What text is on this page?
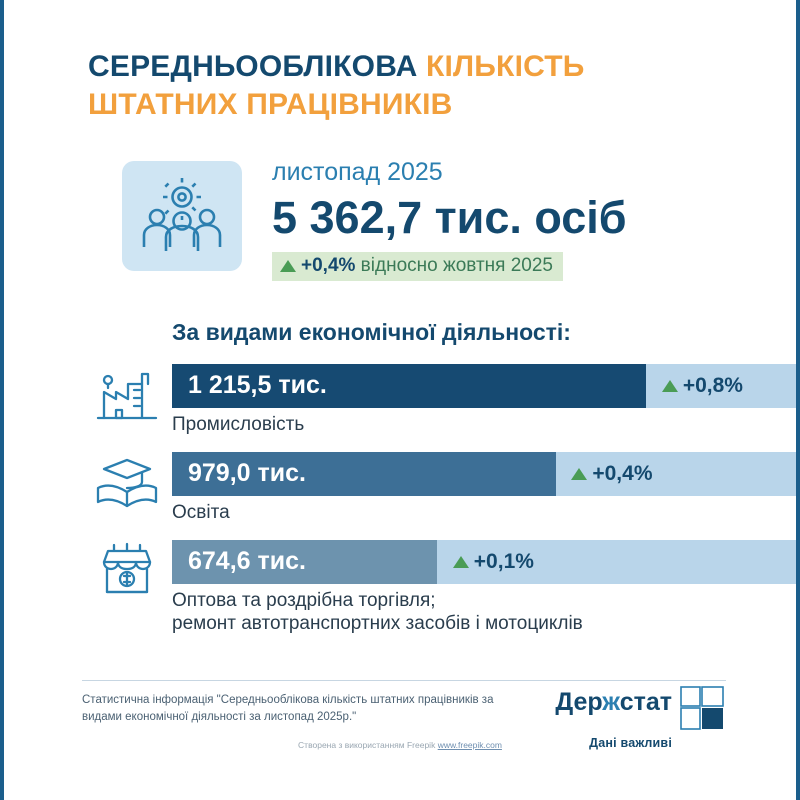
СЕРЕДНЬООБЛІКОВА КІЛЬКІСТЬ
ШТАТНИХ ПРАЦІВНИКІВ
листопад 2025
5 362,7 тис. осіб
+0,4% відносно жовтня 2025
За видами економічної діяльності:
1 215,5 тис.	+0,8%
Промисловість
979,0 тис.	+0,4%
Освіта
674,6 тис.	+0,1%
Оптова та роздрібна торгівля;
ремонт автотранспортних засобів і мотоциклів
Статистична інформація "Середньооблікова кількість штатних працівників за видами економічної діяльності за листопад 2025р."
Держстат
Дані важливі
Створена з використанням Freepik www.freepik.com
